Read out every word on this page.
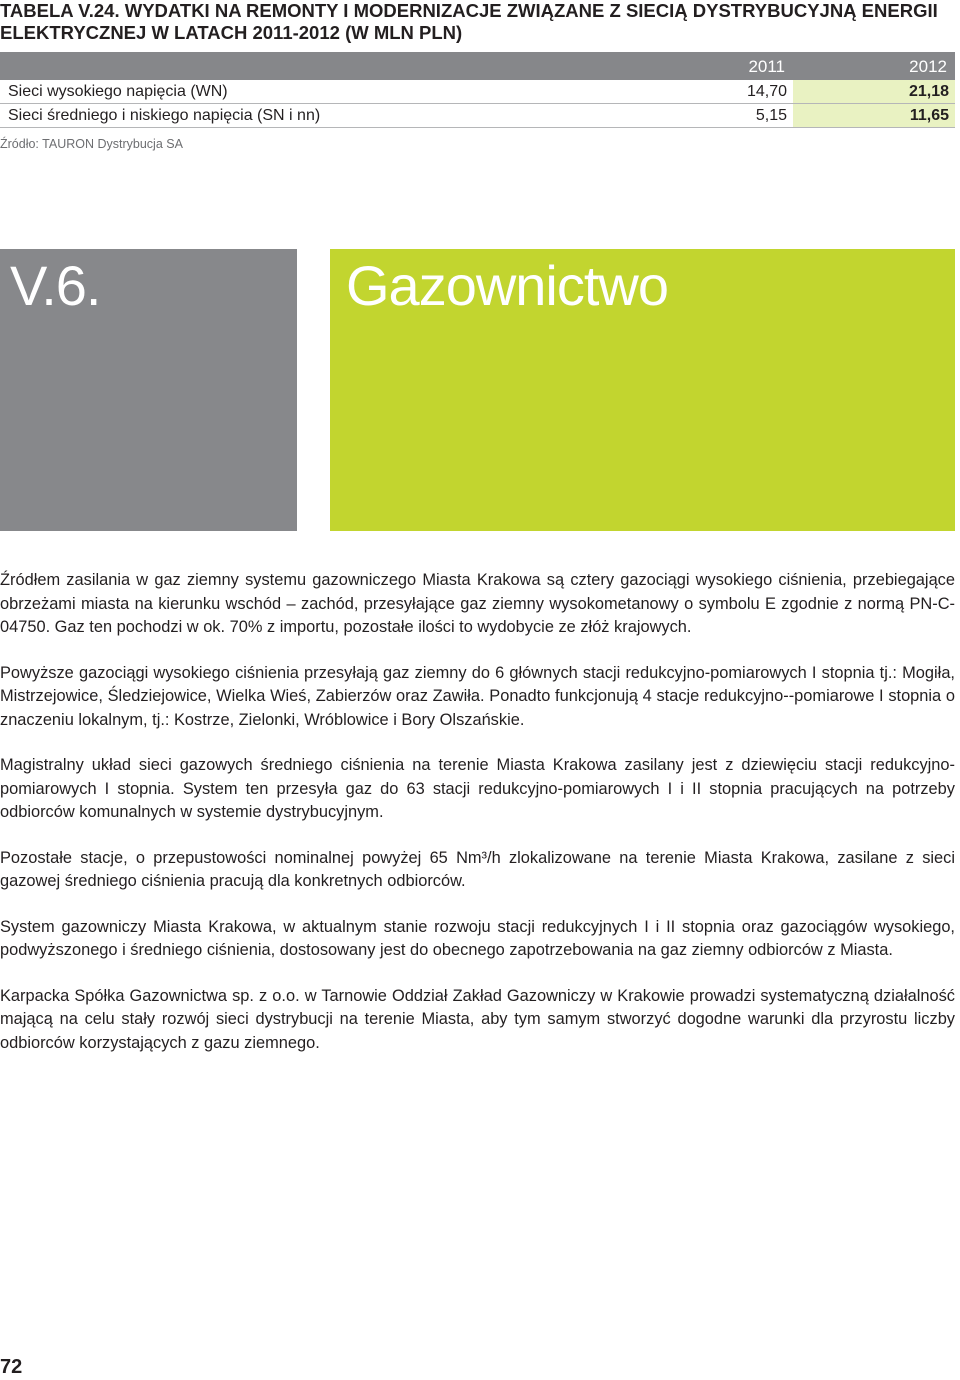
TABELA V.24. WYDATKI NA REMONTY I MODERNIZACJE ZWIĄZANE Z SIECIĄ DYSTRYBUCYJNĄ ENERGII ELEKTRYCZNEJ W LATACH 2011-2012 (W MLN PLN)
	2011	2012
Sieci wysokiego napięcia (WN)	14,70	21,18
Sieci średniego i niskiego napięcia (SN i nn)	5,15	11,65
Źródło: TAURON Dystrybucja SA
V.6.	Gazownictwo

Źródłem zasilania w gaz ziemny systemu gazowniczego Miasta Krakowa są cztery gazociągi wysokiego ciśnienia, przebiegające obrzeżami miasta na kierunku wschód – zachód, przesyłające gaz ziemny wysokometanowy o symbolu E zgodnie z normą PN-C-04750. Gaz ten pochodzi w ok. 70% z importu, pozostałe ilości to wydobycie ze złóż krajowych.

Powyższe gazociągi wysokiego ciśnienia przesyłają gaz ziemny do 6 głównych stacji redukcyjno-pomiarowych I stopnia tj.: Mogiła, Mistrzejowice, Śledziejowice, Wielka Wieś, Zabierzów oraz Zawiła. Ponadto funkcjonują 4 stacje redukcyjno--pomiarowe I stopnia o znaczeniu lokalnym, tj.: Kostrze, Zielonki, Wróblowice i Bory Olszańskie.

Magistralny układ sieci gazowych średniego ciśnienia na terenie Miasta Krakowa zasilany jest z dziewięciu stacji redukcyjno-pomiarowych I stopnia. System ten przesyła gaz do 63 stacji redukcyjno-pomiarowych I i II stopnia pracujących na potrzeby odbiorców komunalnych w systemie dystrybucyjnym.

Pozostałe stacje, o przepustowości nominalnej powyżej 65 Nm³/h zlokalizowane na terenie Miasta Krakowa, zasilane z sieci gazowej średniego ciśnienia pracują dla konkretnych odbiorców.

System gazowniczy Miasta Krakowa, w aktualnym stanie rozwoju stacji redukcyjnych I i II stopnia oraz gazociągów wysokiego, podwyższonego i średniego ciśnienia, dostosowany jest do obecnego zapotrzebowania na gaz ziemny odbiorców z Miasta.

Karpacka Spółka Gazownictwa sp. z o.o. w Tarnowie Oddział Zakład Gazowniczy w Krakowie prowadzi systematyczną działalność mającą na celu stały rozwój sieci dystrybucji na terenie Miasta, aby tym samym stworzyć dogodne warunki dla przyrostu liczby odbiorców korzystających z gazu ziemnego.

72
